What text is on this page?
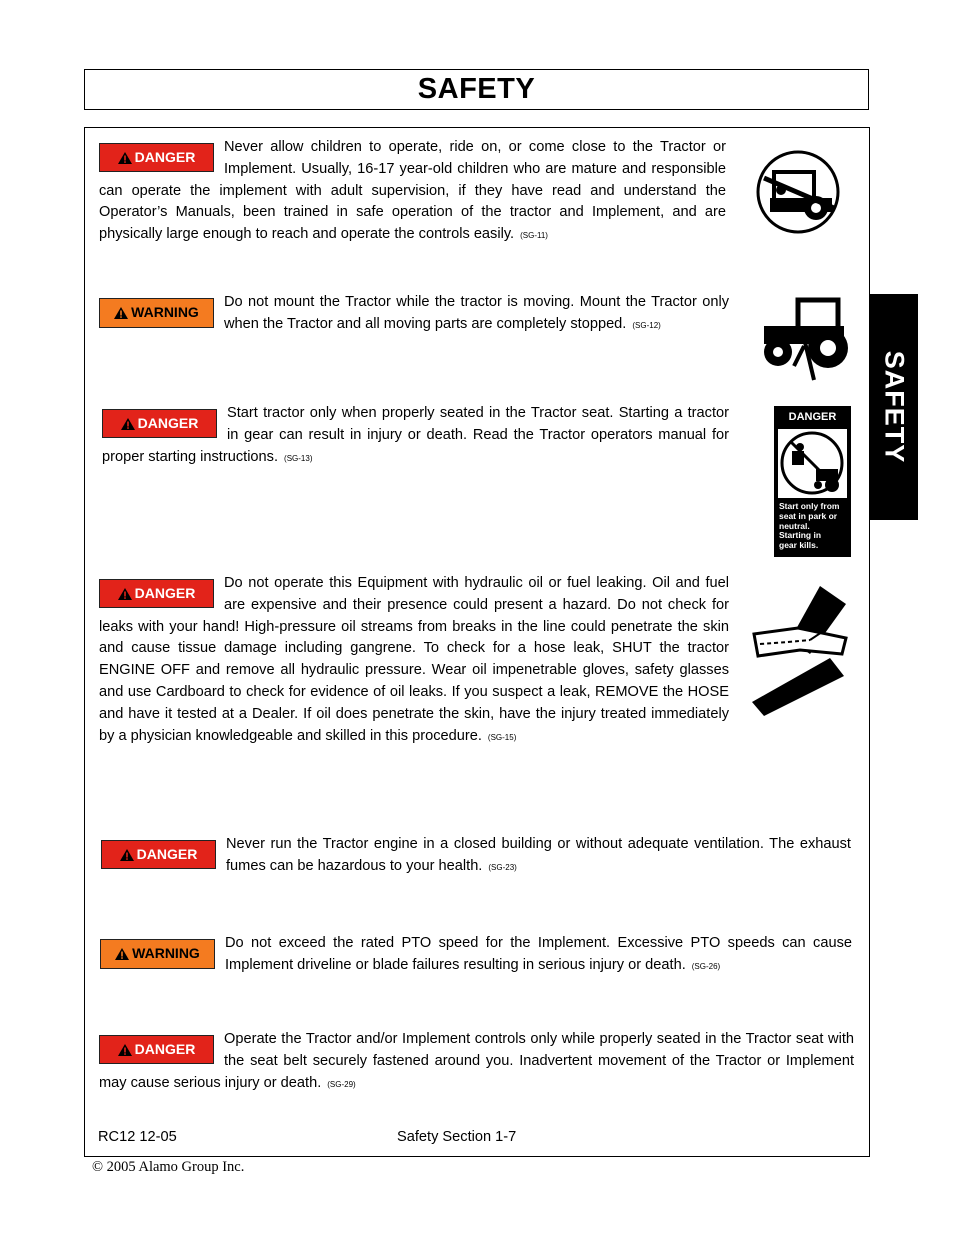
SAFETY
SAFETY

DANGER
Never allow children to operate, ride on, or come close to the Tractor or Implement. Usually, 16-17 year-old children who are mature and responsible can operate the implement with adult supervision, if they have read and understand the Operator’s Manuals, been trained in safe operation of the tractor and Implement, and are physically large enough to reach and operate the controls easily. (SG-11)

WARNING
Do not mount the Tractor while the tractor is moving. Mount the Tractor only when the Tractor and all moving parts are completely stopped. (SG-12)

DANGER
Start tractor only when properly seated in the Tractor seat. Starting a tractor in gear can result in injury or death. Read the Tractor operators manual for proper starting instructions. (SG-13)

DANGER
Start only from
seat in park or
neutral.
Starting in
gear kills.

DANGER
Do not operate this Equipment with hydraulic oil or fuel leaking. Oil and fuel are expensive and their presence could present a hazard. Do not check for leaks with your hand! High-pressure oil streams from breaks in the line could penetrate the skin and cause tissue damage including gangrene. To check for a hose leak, SHUT the tractor ENGINE OFF and remove all hydraulic pressure. Wear oil impenetrable gloves, safety glasses and use Cardboard to check for evidence of oil leaks. If you suspect a leak, REMOVE the HOSE and have it tested at a Dealer. If oil does penetrate the skin, have the injury treated immediately by a physician knowledgeable and skilled in this procedure. (SG-15)

DANGER
Never run the Tractor engine in a closed building or without adequate ventilation. The exhaust fumes can be hazardous to your health. (SG-23)

WARNING
Do not exceed the rated PTO speed for the Implement. Excessive PTO speeds can cause Implement driveline or blade failures resulting in serious injury or death. (SG-26)

DANGER
Operate the Tractor and/or Implement controls only while properly seated in the Tractor seat with the seat belt securely fastened around you. Inadvertent movement of the Tractor or Implement may cause serious injury or death. (SG-29)

RC12 12-05	Safety Section 1-7
© 2005 Alamo Group Inc.
